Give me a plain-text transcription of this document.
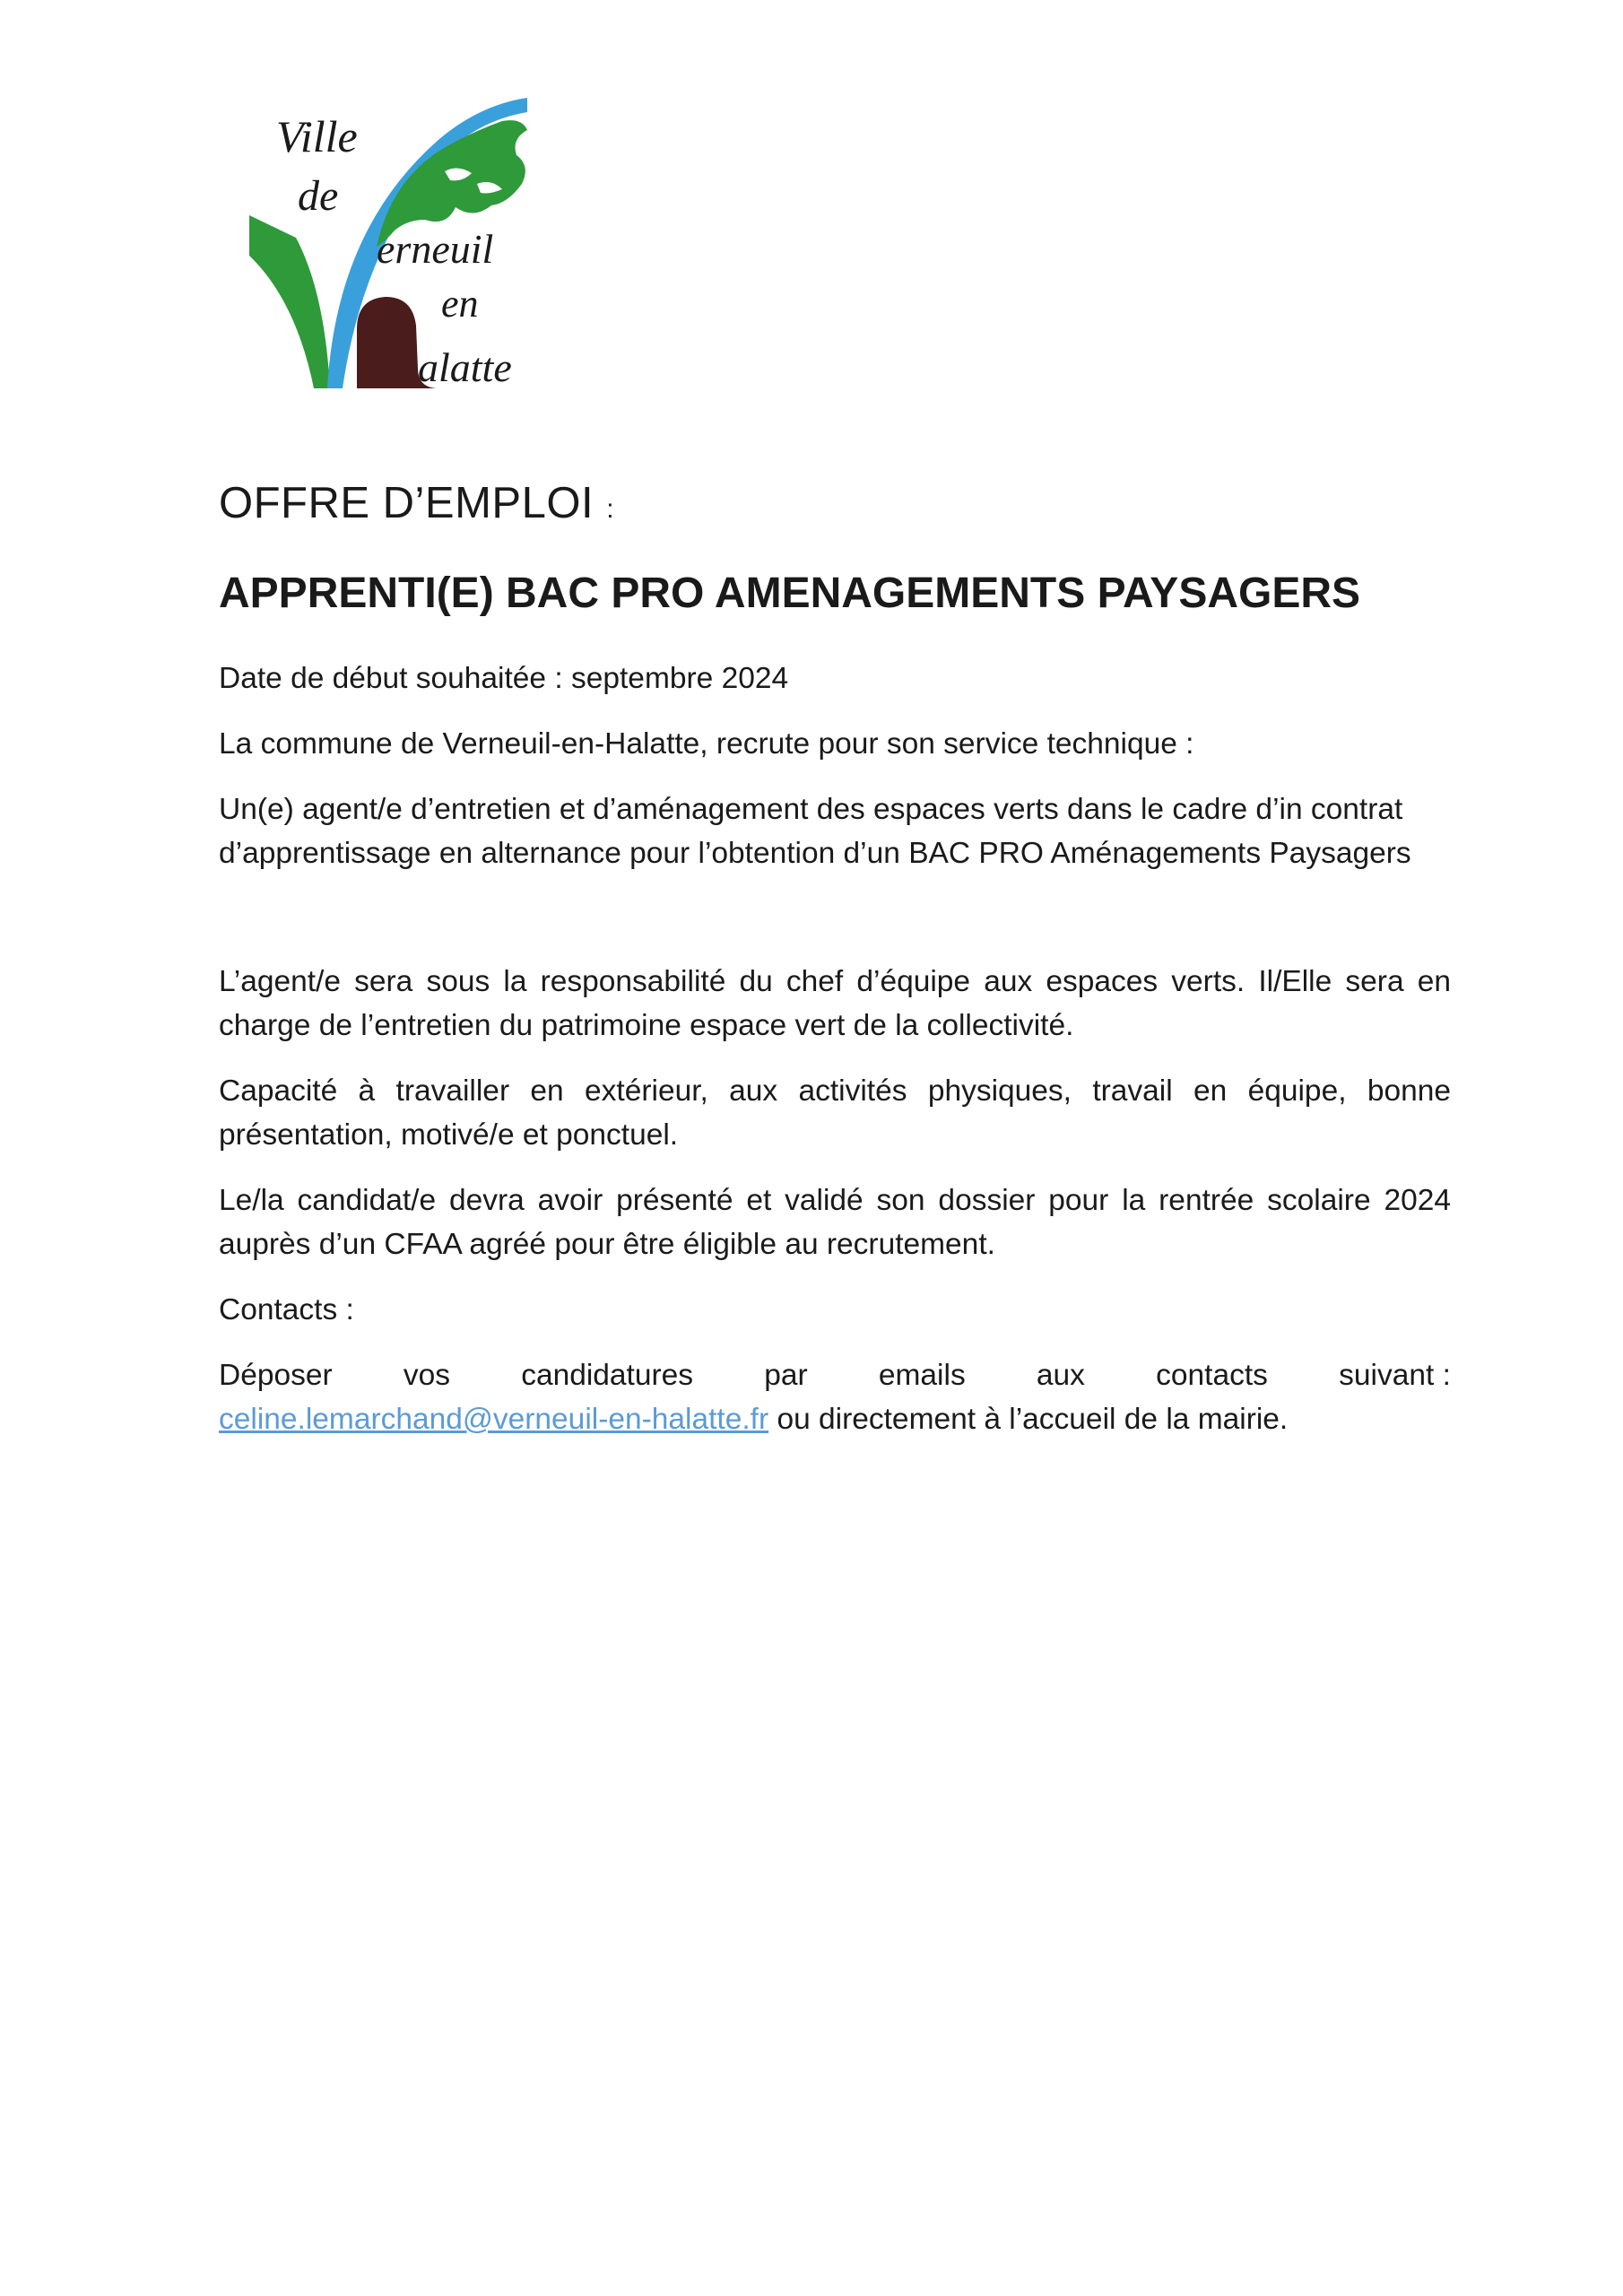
Ville
de
erneuil
en
alatte
OFFRE D’EMPLOI :
APPRENTI(E) BAC PRO AMENAGEMENTS PAYSAGERS

Date de début souhaitée : septembre 2024

La commune de Verneuil-en-Halatte, recrute pour son service technique :

Un(e) agent/e d’entretien et d’aménagement des espaces verts dans le cadre d’in contrat d’apprentissage en alternance pour l’obtention d’un BAC PRO Aménagements Paysagers

L’agent/e sera sous la responsabilité du chef d’équipe aux espaces verts. Il/Elle sera en charge de l’entretien du patrimoine espace vert de la collectivité.

Capacité à travailler en extérieur, aux activités physiques, travail en équipe, bonne présentation, motivé/e et ponctuel.

Le/la candidat/e devra avoir présenté et validé son dossier pour la rentrée scolaire 2024 auprès d’un CFAA agréé pour être éligible au recrutement.

Contacts :

Déposer vos candidatures par emails aux contacts suivant :
celine.lemarchand@verneuil-en-halatte.fr ou directement à l’accueil de la mairie.
